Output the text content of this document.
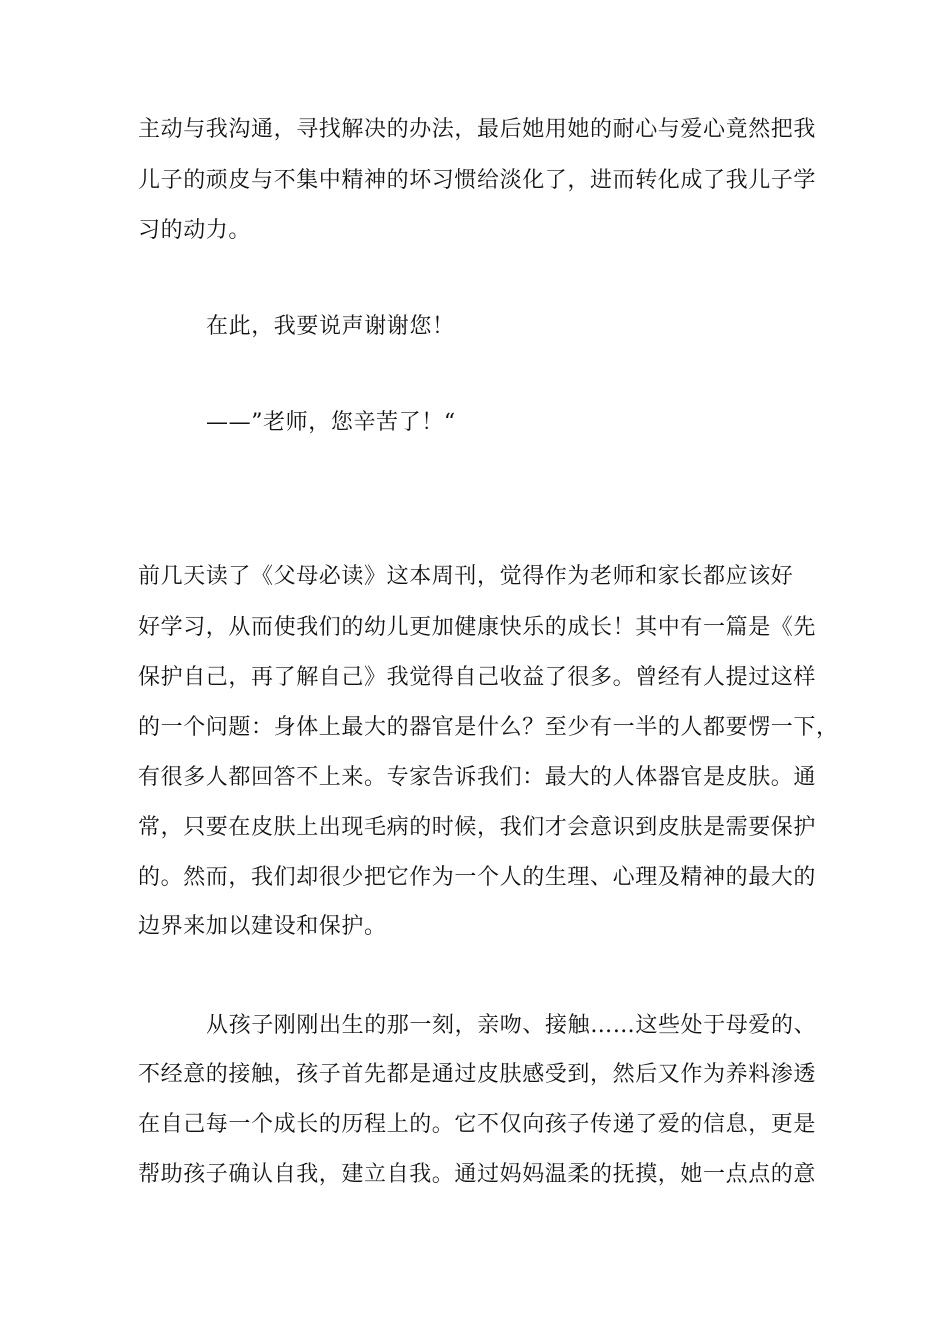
主动与我沟通，寻找解决的办法，最后她用她的耐心与爱心竟然把我
儿子的顽皮与不集中精神的坏习惯给淡化了，进而转化成了我儿子学
习的动力。
在此，我要说声谢谢您！
——”老师，您辛苦了！“
前几天读了《父母必读》这本周刊，觉得作为老师和家长都应该好
好学习，从而使我们的幼儿更加健康快乐的成长！其中有一篇是《先
保护自己，再了解自己》我觉得自己收益了很多。曾经有人提过这样
的一个问题：身体上最大的器官是什么？至少有一半的人都要愣一下，
有很多人都回答不上来。专家告诉我们：最大的人体器官是皮肤。通
常，只要在皮肤上出现毛病的时候，我们才会意识到皮肤是需要保护
的。然而，我们却很少把它作为一个人的生理、心理及精神的最大的
边界来加以建设和保护。
从孩子刚刚出生的那一刻，亲吻、接触……这些处于母爱的、
不经意的接触，孩子首先都是通过皮肤感受到，然后又作为养料渗透
在自己每一个成长的历程上的。它不仅向孩子传递了爱的信息，更是
帮助孩子确认自我，建立自我。通过妈妈温柔的抚摸，她一点点的意
